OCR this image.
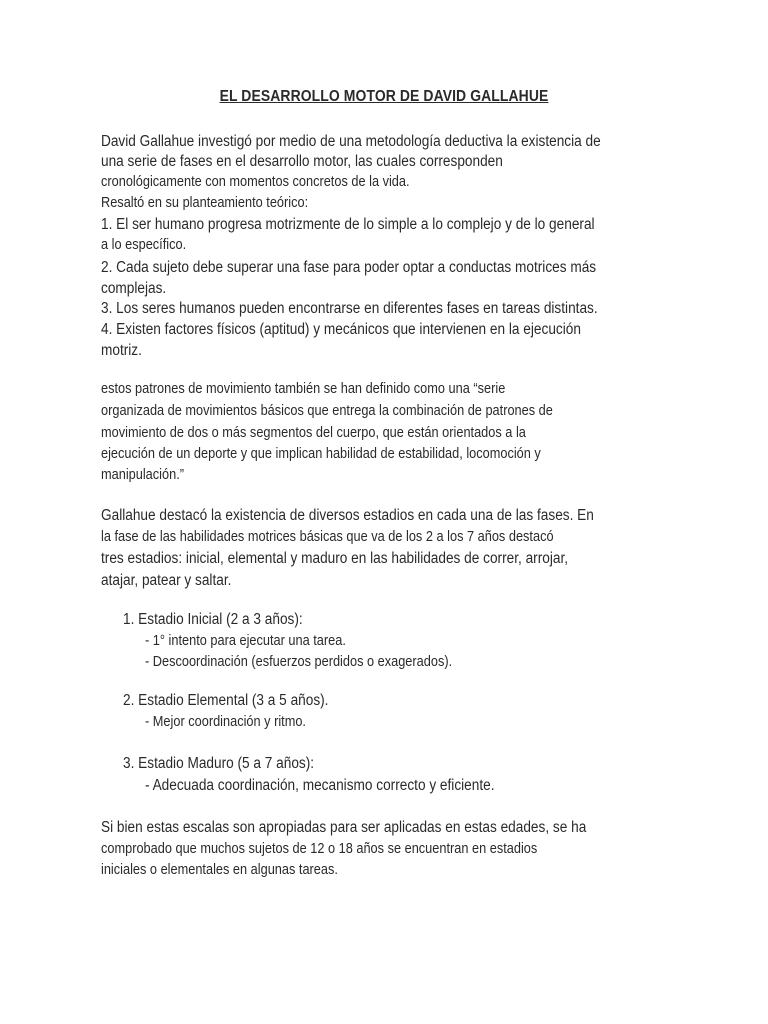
EL DESARROLLO MOTOR DE DAVID GALLAHUE

David Gallahue investigó por medio de una metodología deductiva la existencia de

una serie de fases en el desarrollo motor, las cuales corresponden

cronológicamente con momentos concretos de la vida.

Resaltó en su planteamiento teórico:

1. El ser humano progresa motrizmente de lo simple a lo complejo y de lo general

a lo específico.

2. Cada sujeto debe superar una fase para poder optar a conductas motrices más

complejas.

3. Los seres humanos pueden encontrarse en diferentes fases en tareas distintas.

4. Existen factores físicos (aptitud) y mecánicos que intervienen en la ejecución

motriz.

estos patrones de movimiento también se han definido como una “serie

organizada de movimientos básicos que entrega la combinación de patrones de

movimiento de dos o más segmentos del cuerpo, que están orientados a la

ejecución de un deporte y que implican habilidad de estabilidad, locomoción y

manipulación.”

Gallahue destacó la existencia de diversos estadios en cada una de las fases. En

la fase de las habilidades motrices básicas que va de los 2 a los 7 años destacó

tres estadios: inicial, elemental y maduro en las habilidades de correr, arrojar,

atajar, patear y saltar.

1. Estadio Inicial (2 a 3 años):

- 1° intento para ejecutar una tarea.

- Descoordinación (esfuerzos perdidos o exagerados).

2. Estadio Elemental (3 a 5 años).

- Mejor coordinación y ritmo.

3. Estadio Maduro (5 a 7 años):

- Adecuada coordinación, mecanismo correcto y eficiente.

Si bien estas escalas son apropiadas para ser aplicadas en estas edades, se ha

comprobado que muchos sujetos de 12 o 18 años se encuentran en estadios

iniciales o elementales en algunas tareas.
